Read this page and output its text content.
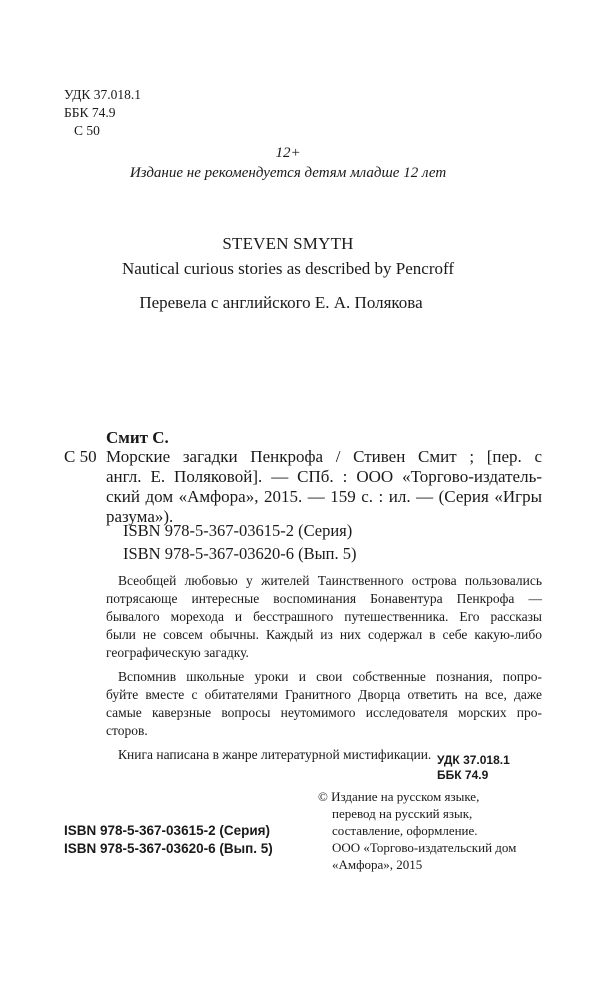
УДК 37.018.1
ББК 74.9
С 50
12+
Издание не рекомендуется детям младше 12 лет
STEVEN SMYTH
Nautical curious stories as described by Pencroff
Перевела с английского Е. А. Полякова
Смит С.
С 50 Морские загадки Пенкрофа / Стивен Смит ; [пер. с
англ. Е. Поляковой]. — СПб. : ООО «Торгово-издатель-
ский дом «Амфора», 2015. — 159 с. : ил. — (Серия «Игры
разума»).
ISBN 978-5-367-03615-2 (Серия)
ISBN 978-5-367-03620-6 (Вып. 5)
Всеобщей любовью у жителей Таинственного острова пользовались
потрясающе интересные воспоминания Бонавентура Пенкрофа —
бывалого морехода и бесстрашного путешественника. Его рассказы
были не совсем обычны. Каждый из них содержал в себе какую-либо
географическую загадку.
Вспомнив школьные уроки и свои собственные познания, попро-
буйте вместе с обитателями Гранитного Дворца ответить на все, даже
самые каверзные вопросы неутомимого исследователя морских про-
сторов.
Книга написана в жанре литературной мистификации. УДК 37.018.1
ББК 74.9
© Издание на русском языке,
перевод на русский язык,
составление, оформление.
ООО «Торгово-издательский дом
«Амфора», 2015
ISBN 978-5-367-03615-2 (Серия)
ISBN 978-5-367-03620-6 (Вып. 5)
